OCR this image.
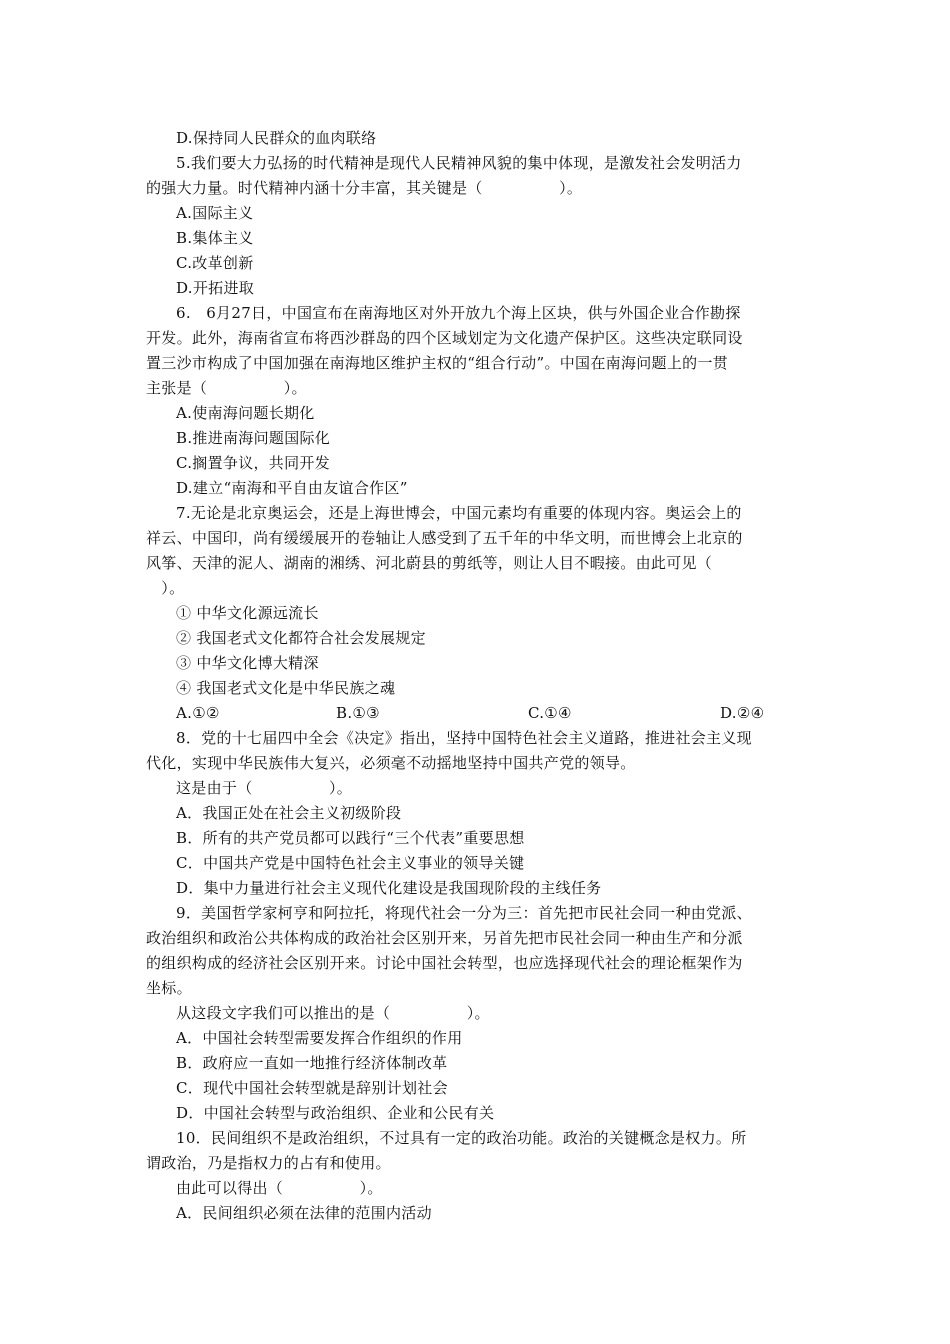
D.保持同人民群众的血肉联络
5.我们要大力弘扬的时代精神是现代人民精神风貌的集中体现，是激发社会发明活力
的强大力量。时代精神内涵十分丰富，其关键是（　　　　　）。
A.国际主义
B.集体主义
C.改革创新
D.开拓进取
6.　6月27日，中国宣布在南海地区对外开放九个海上区块，供与外国企业合作勘探
开发。此外，海南省宣布将西沙群岛的四个区域划定为文化遗产保护区。这些决定联同设
置三沙市构成了中国加强在南海地区维护主权的“组合行动”。中国在南海问题上的一贯
主张是（　　　　　）。
A.使南海问题长期化
B.推进南海问题国际化
C.搁置争议，共同开发
D.建立“南海和平自由友谊合作区”
7.无论是北京奥运会，还是上海世博会，中国元素均有重要的体现内容。奥运会上的
祥云、中国印，尚有缓缓展开的卷轴让人感受到了五千年的中华文明，而世博会上北京的
风筝、天津的泥人、湖南的湘绣、河北蔚县的剪纸等，则让人目不暇接。由此可见（
　）。
① 中华文化源远流长
② 我国老式文化都符合社会发展规定
③ 中华文化博大精深
④ 我国老式文化是中华民族之魂
A.①②	B.①③	C.①④	D.②④
8．党的十七届四中全会《决定》指出，坚持中国特色社会主义道路，推进社会主义现
代化，实现中华民族伟大复兴，必须毫不动摇地坚持中国共产党的领导。
这是由于（　　　　　）。
A．我国正处在社会主义初级阶段
B．所有的共产党员都可以践行“三个代表”重要思想
C．中国共产党是中国特色社会主义事业的领导关键
D．集中力量进行社会主义现代化建设是我国现阶段的主线任务
9．美国哲学家柯亨和阿拉托，将现代社会一分为三：首先把市民社会同一种由党派、
政治组织和政治公共体构成的政治社会区别开来，另首先把市民社会同一种由生产和分派
的组织构成的经济社会区别开来。讨论中国社会转型，也应选择现代社会的理论框架作为
坐标。
从这段文字我们可以推出的是（　　　　　）。
A．中国社会转型需要发挥合作组织的作用
B．政府应一直如一地推行经济体制改革
C．现代中国社会转型就是辞别计划社会
D．中国社会转型与政治组织、企业和公民有关
10．民间组织不是政治组织，不过具有一定的政治功能。政治的关键概念是权力。所
谓政治，乃是指权力的占有和使用。
由此可以得出（　　　　　）。
A．民间组织必须在法律的范围内活动
